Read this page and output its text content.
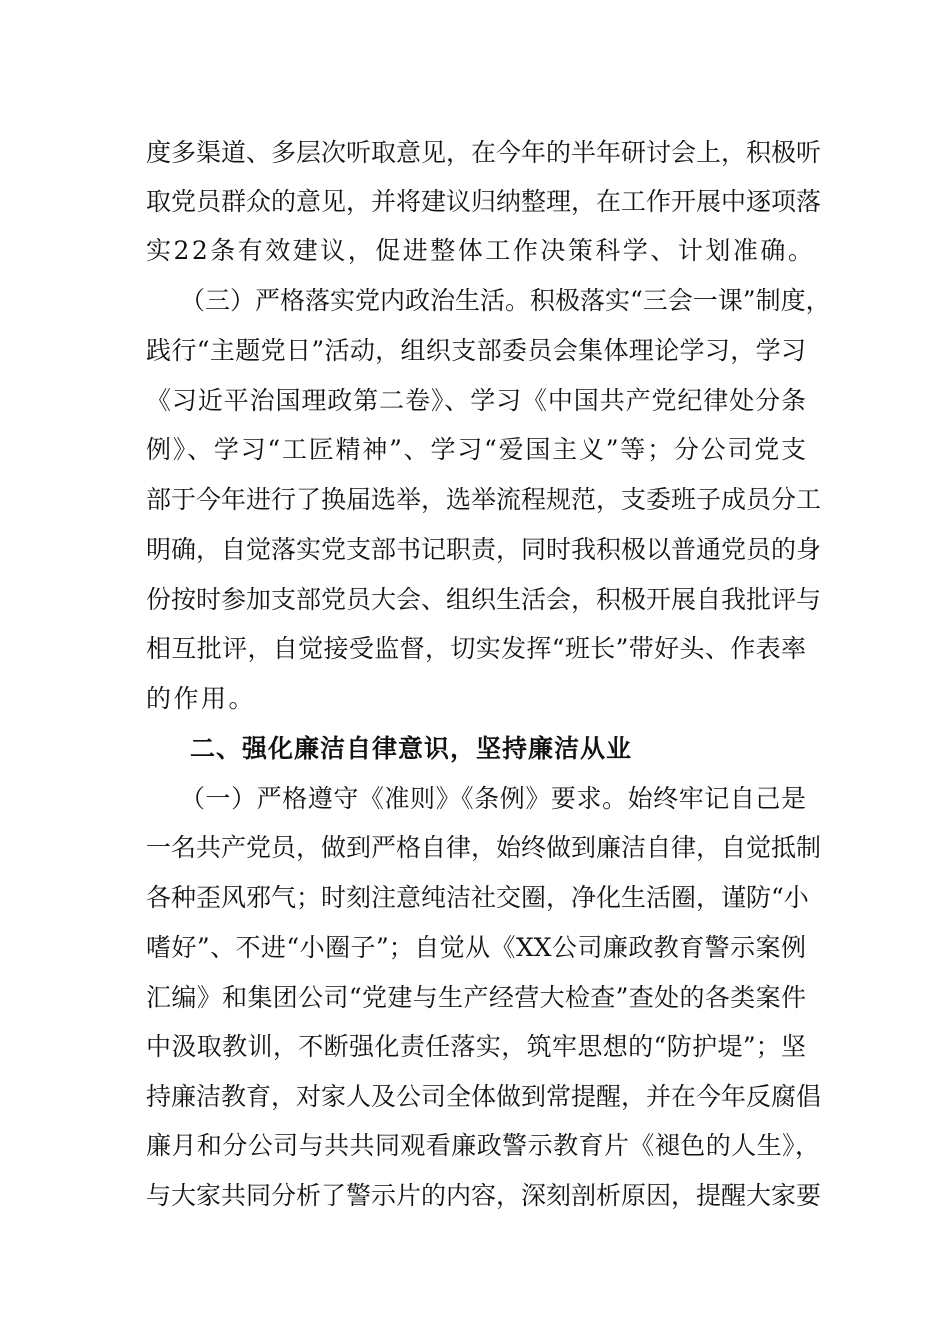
度多渠道、多层次听取意见，在今年的半年研讨会上，积极听
取党员群众的意见，并将建议归纳整理，在工作开展中逐项落
实22条有效建议，促进整体工作决策科学、计划准确。
（三）严格落实党内政治生活。积极落实“三会一课”制度，
践行“主题党日”活动，组织支部委员会集体理论学习，学习
《习近平治国理政第二卷》、学习《中国共产党纪律处分条
例》、学习“工匠精神”、学习“爱国主义”等；分公司党支
部于今年进行了换届选举，选举流程规范，支委班子成员分工
明确，自觉落实党支部书记职责，同时我积极以普通党员的身
份按时参加支部党员大会、组织生活会，积极开展自我批评与
相互批评，自觉接受监督，切实发挥“班长”带好头、作表率
的作用。
二、强化廉洁自律意识，坚持廉洁从业
（一）严格遵守《准则》《条例》要求。始终牢记自己是
一名共产党员，做到严格自律，始终做到廉洁自律，自觉抵制
各种歪风邪气；时刻注意纯洁社交圈，净化生活圈，谨防“小
嗜好”、不进“小圈子”；自觉从《XX公司廉政教育警示案例
汇编》和集团公司“党建与生产经营大检查”查处的各类案件
中汲取教训，不断强化责任落实，筑牢思想的“防护堤”；坚
持廉洁教育，对家人及公司全体做到常提醒，并在今年反腐倡
廉月和分公司与共共同观看廉政警示教育片《褪色的人生》，
与大家共同分析了警示片的内容，深刻剖析原因，提醒大家要
